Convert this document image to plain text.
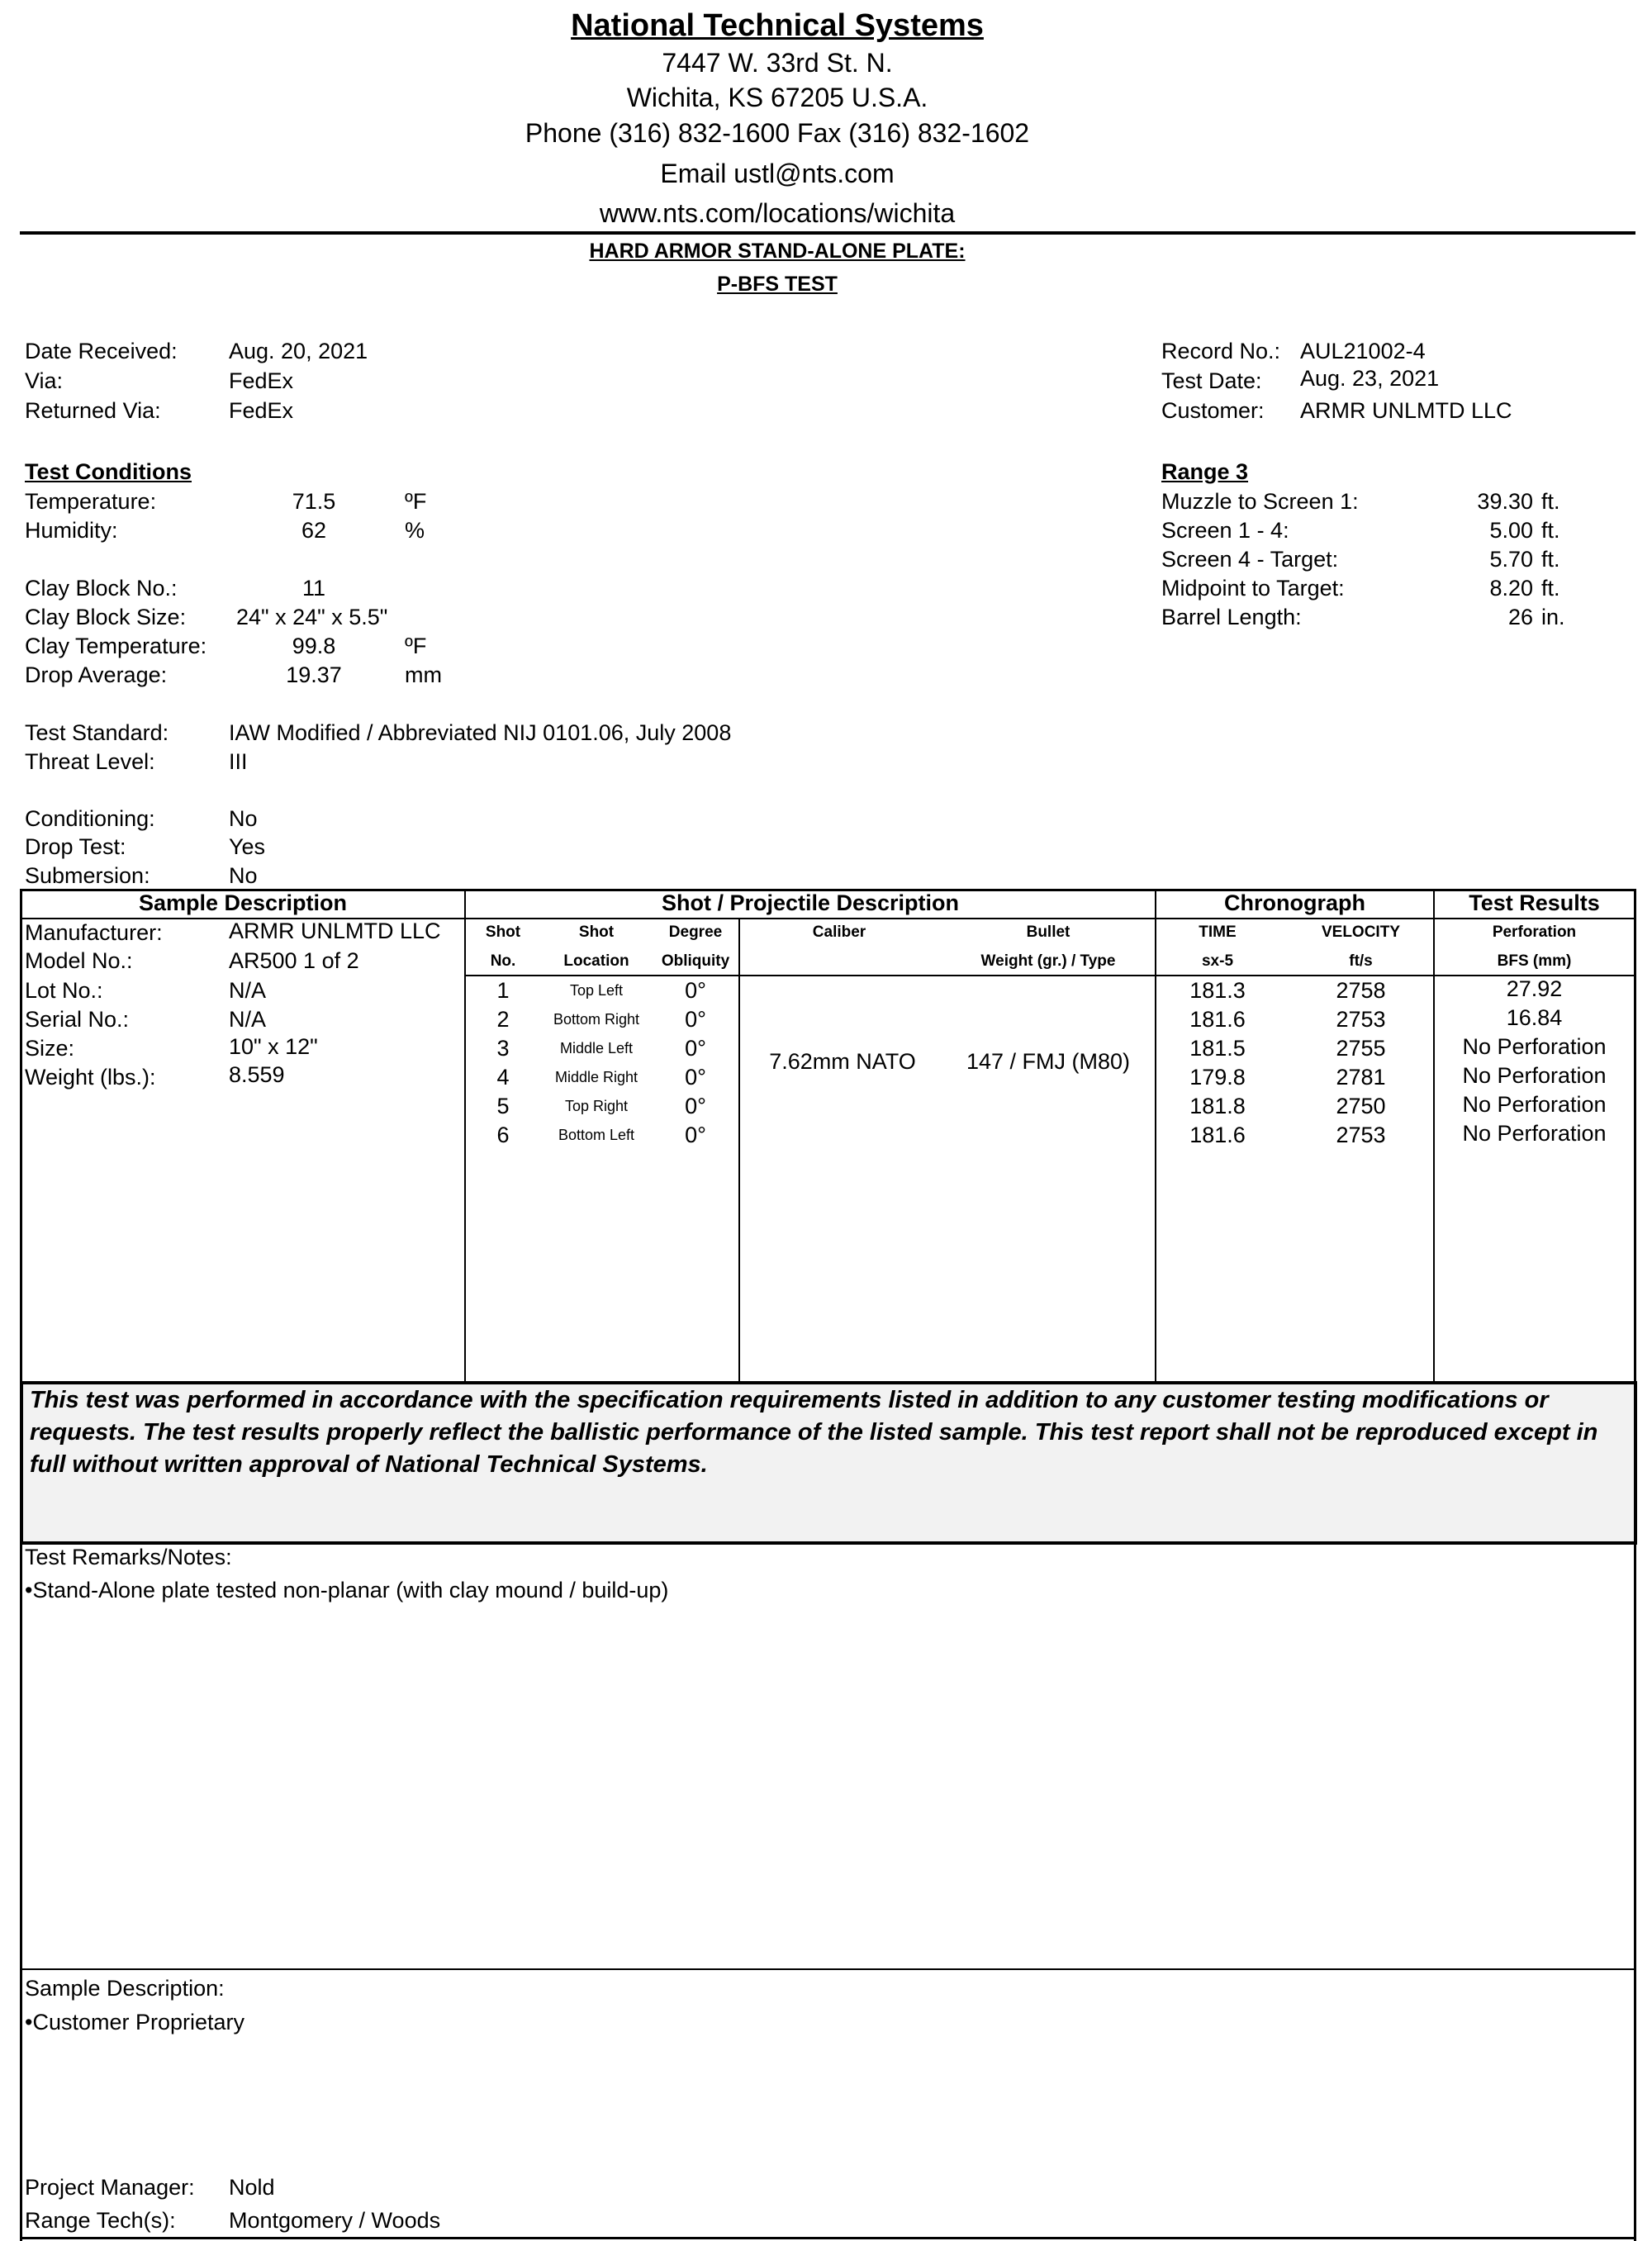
National Technical Systems
7447 W. 33rd St. N.
Wichita, KS 67205 U.S.A.
Phone (316) 832-1600 Fax (316) 832-1602
Email ustl@nts.com
www.nts.com/locations/wichita
HARD ARMOR STAND-ALONE PLATE:
P-BFS TEST
Date Received: Aug. 20, 2021
Via:	FedEx
Returned Via:	FedEx
Record No.: AUL21002-4
Test Date: Aug. 23, 2021
Customer: ARMR UNLMTD LLC
Test Conditions
Temperature:	71.5	ºF
Humidity:	62	%
Clay Block No.:	11
Clay Block Size: 24" x 24" x 5.5"
Clay Temperature:	99.8	ºF
Drop Average:	19.37	mm
Range 3
Muzzle to Screen 1:	39.30 ft.
Screen 1 - 4:	5.00 ft.
Screen 4 - Target:	5.70 ft.
Midpoint to Target:	8.20 ft.
Barrel Length:	26 in.
Test Standard:	IAW Modified / Abbreviated NIJ 0101.06, July 2008
Threat Level:	III
Conditioning:	No
Drop Test:	Yes
Submersion:	No
Sample Description	Shot / Projectile Description	Chronograph	Test Results
Shot
No.
Shot
Location
Degree
Obliquity
Caliber	Bullet
Weight (gr.) / Type
TIME
sx-5
VELOCITY
ft/s
Perforation
BFS (mm)
Manufacturer:	ARMR UNLMTD LLC
Model No.:	AR500 1 of 2
Lot No.:	N/A
Serial No.:	N/A
Size:	10" x 12"
Weight (lbs.):	8.559
7.62mm NATO	147 / FMJ (M80)
1	Top Left	0°	181.3	2758	27.92
2	Bottom Right	0°	181.6	2753	16.84
3	Middle Left	0°	181.5	2755	No Perforation
4	Middle Right	0°	179.8	2781	No Perforation
5	Top Right	0°	181.8	2750	No Perforation
6	Bottom Left	0°	181.6	2753	No Perforation

This test was performed in accordance with the specification requirements listed in addition to any customer testing modifications or requests. The test results properly reflect the ballistic performance of the listed sample. This test report shall not be reproduced except in full without written approval of National Technical Systems.

Test Remarks/Notes:
•Stand-Alone plate tested non-planar (with clay mound / build-up)
Sample Description:
•Customer Proprietary
Project Manager: Nold
Range Tech(s): Montgomery / Woods
